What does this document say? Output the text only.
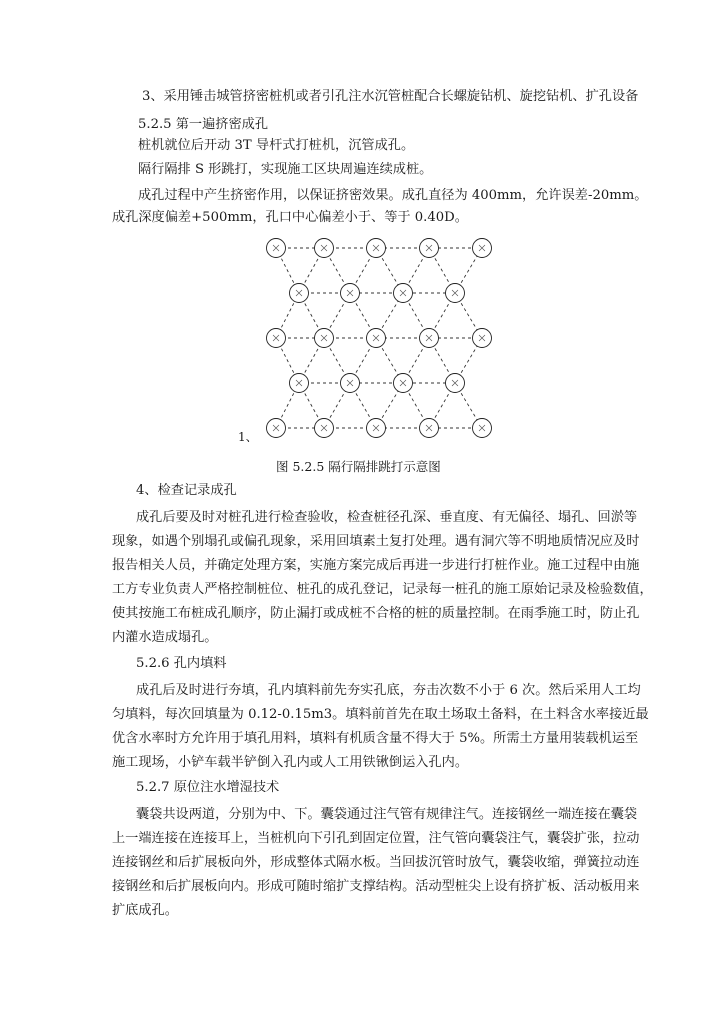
3、采用锤击城管挤密桩机或者引孔注水沉管桩配合长螺旋钻机、旋挖钻机、扩孔设备
5.2.5 第一遍挤密成孔
桩机就位后开动 3T 导杆式打桩机，沉管成孔。
隔行隔排 S 形跳打，实现施工区块周遍连续成桩。
成孔过程中产生挤密作用，以保证挤密效果。成孔直径为 400mm，允许误差-20mm。
成孔深度偏差+500mm，孔口中心偏差小于、等于 0.40D。
1、
图 5.2.5 隔行隔排跳打示意图
4、检查记录成孔
成孔后要及时对桩孔进行检查验收，检查桩径孔深、垂直度、有无偏径、塌孔、回淤等
现象，如遇个别塌孔或偏孔现象，采用回填素土复打处理。遇有洞穴等不明地质情况应及时
报告相关人员，并确定处理方案，实施方案完成后再进一步进行打桩作业。施工过程中由施
工方专业负责人严格控制桩位、桩孔的成孔登记，记录每一桩孔的施工原始记录及检验数值，
使其按施工布桩成孔顺序，防止漏打或成桩不合格的桩的质量控制。在雨季施工时，防止孔
内灌水造成塌孔。
5.2.6 孔内填料
成孔后及时进行夯填，孔内填料前先夯实孔底，夯击次数不小于 6 次。然后采用人工均
匀填料，每次回填量为 0.12-0.15m3。填料前首先在取土场取土备料，在土料含水率接近最
优含水率时方允许用于填孔用料，填料有机质含量不得大于 5%。所需土方量用装载机运至
施工现场，小铲车载半铲倒入孔内或人工用铁锹倒运入孔内。
5.2.7 原位注水增湿技术
囊袋共设两道，分别为中、下。囊袋通过注气管有规律注气。连接钢丝一端连接在囊袋
上一端连接在连接耳上，当桩机向下引孔到固定位置，注气管向囊袋注气，囊袋扩张，拉动
连接钢丝和后扩展板向外，形成整体式隔水板。当回拔沉管时放气，囊袋收缩，弹簧拉动连
接钢丝和后扩展板向内。形成可随时缩扩支撑结构。活动型桩尖上设有挤扩板、活动板用来
扩底成孔。
